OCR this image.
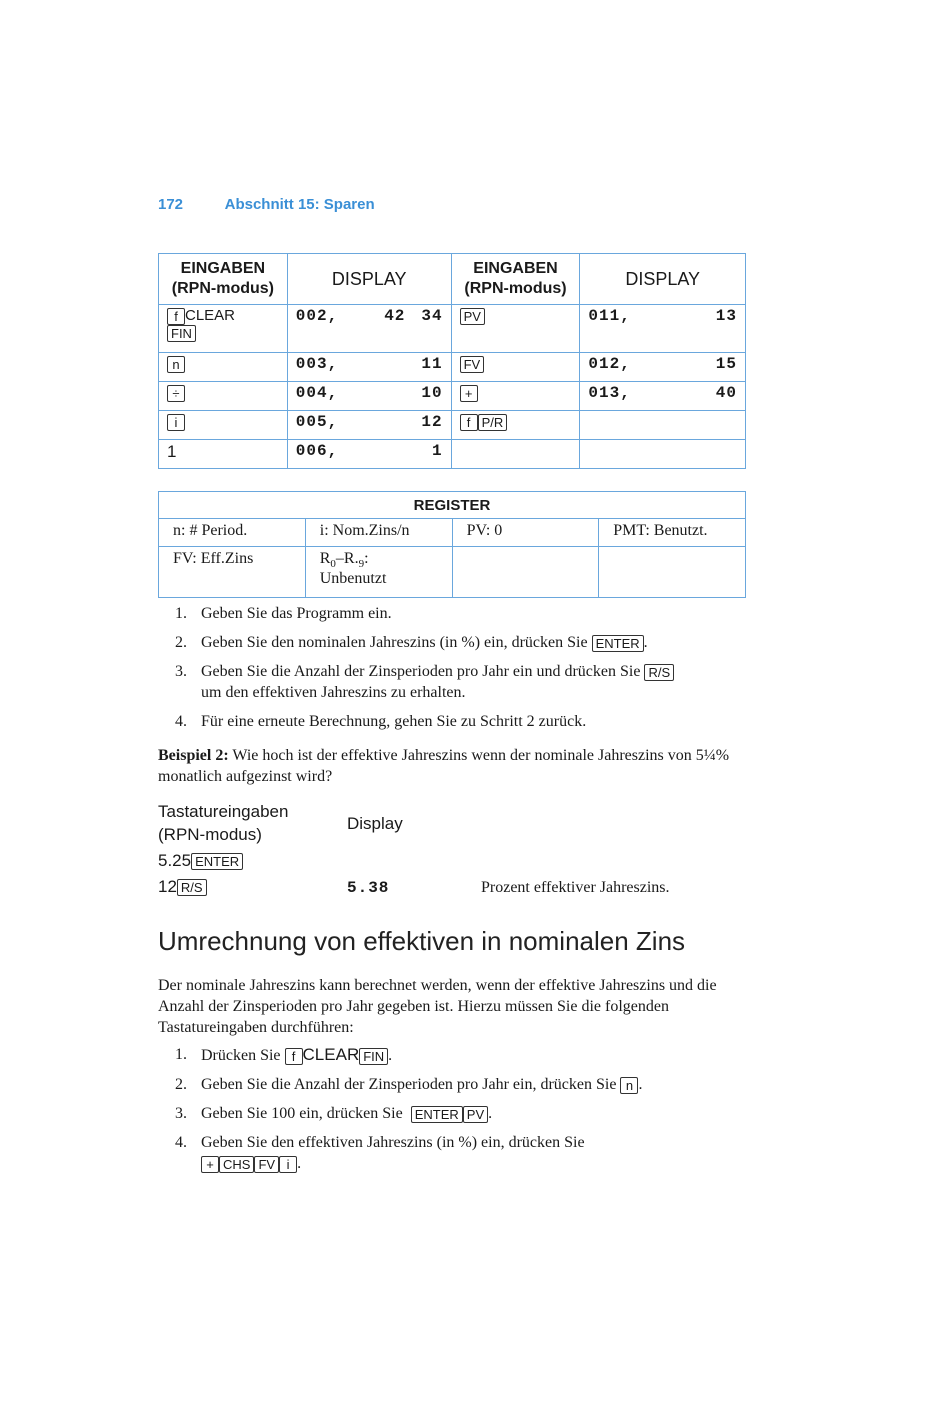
172	Abschnitt 15: Sparen
EINGABEN
(RPN-modus)	DISPLAY	EINGABEN
(RPN-modus)	DISPLAY
f CLEAR
FIN	002, 42 34	PV	011, 13

n	003, 11	FV	012, 15

÷	004, 10	+	013, 40

i	005, 12	f P/R	
1	006, 1		

REGISTER			
n: # Period.	i: Nom.Zins/n	PV: 0	PMT: Benutzt.
FV: Eff.Zins	$R_0-R._9$:
Unbenutzt		
1. Geben Sie das Programm ein.
2. Geben Sie den nominalen Jahreszins (in %) ein, drücken Sie ENTER .
3. Geben Sie die Anzahl der Zinsperioden pro Jahr ein und drücken Sie R/S
um den effektiven Jahreszins zu erhalten.
4. Für eine erneute Berechnung, gehen Sie zu Schritt 2 zurück.
Beispiel 2: Wie hoch ist der effektive Jahreszins wenn der nominale Jahreszins von 5¼% monatlich aufgezinst wird?
Tastatureingaben
(RPN-modus)
Display
5.25 ENTER
12 R/S	5.38	Prozent effektiver Jahreszins.
Umrechnung von effektiven in nominalen Zins
Der nominale Jahreszins kann berechnet werden, wenn der effektive Jahreszins und die Anzahl der Zinsperioden pro Jahr gegeben ist. Hierzu müssen Sie die folgenden Tastatureingaben durchführen:
1. Drücken Sie f CLEAR FIN .
2. Geben Sie die Anzahl der Zinsperioden pro Jahr ein, drücken Sie n .
3. Geben Sie 100 ein, drücken Sie ENTER PV .
4. Geben Sie den effektiven Jahreszins (in %) ein, drücken Sie
+ CHS FV i .
